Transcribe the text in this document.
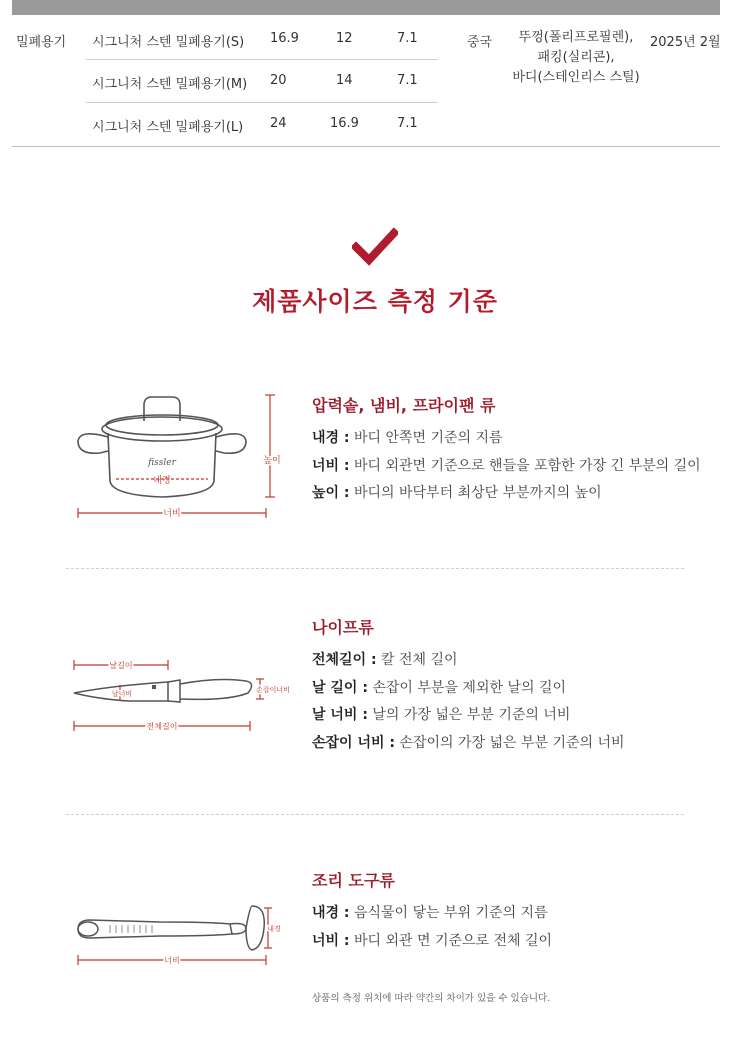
밀폐용기 시그니처 스텐 밀폐용기(S) 16.9	12	7.1
시그니처 스텐 밀폐용기(M) 20	14	7.1
시그니처 스텐 밀폐용기(L) 24	16.9	7.1
중국	뚜껑(폴리프로필렌),
패킹(실리콘),
바디(스테인리스 스틸)
2025년 2월
제품사이즈 측정 기준
fissler
내경
높이
너비
압력솥, 냄비, 프라이팬 류
내경 : 바디 안쪽면 기준의 지름
너비 : 바디 외관면 기준으로 핸들을 포함한 가장 긴 부분의 길이
높이 : 바디의 바닥부터 최상단 부분까지의 높이
날길이
날너비	손잡이너비
전체길이
나이프류
전체길이 : 칼 전체 길이
날 길이 : 손잡이 부분을 제외한 날의 길이
날 너비 : 날의 가장 넓은 부분 기준의 너비
손잡이 너비 : 손잡이의 가장 넓은 부분 기준의 너비
내경
너비
조리 도구류
내경 : 음식물이 닿는 부위 기준의 지름
너비 : 바디 외관 면 기준으로 전체 길이
상품의 측정 위치에 따라 약간의 차이가 있을 수 있습니다.
